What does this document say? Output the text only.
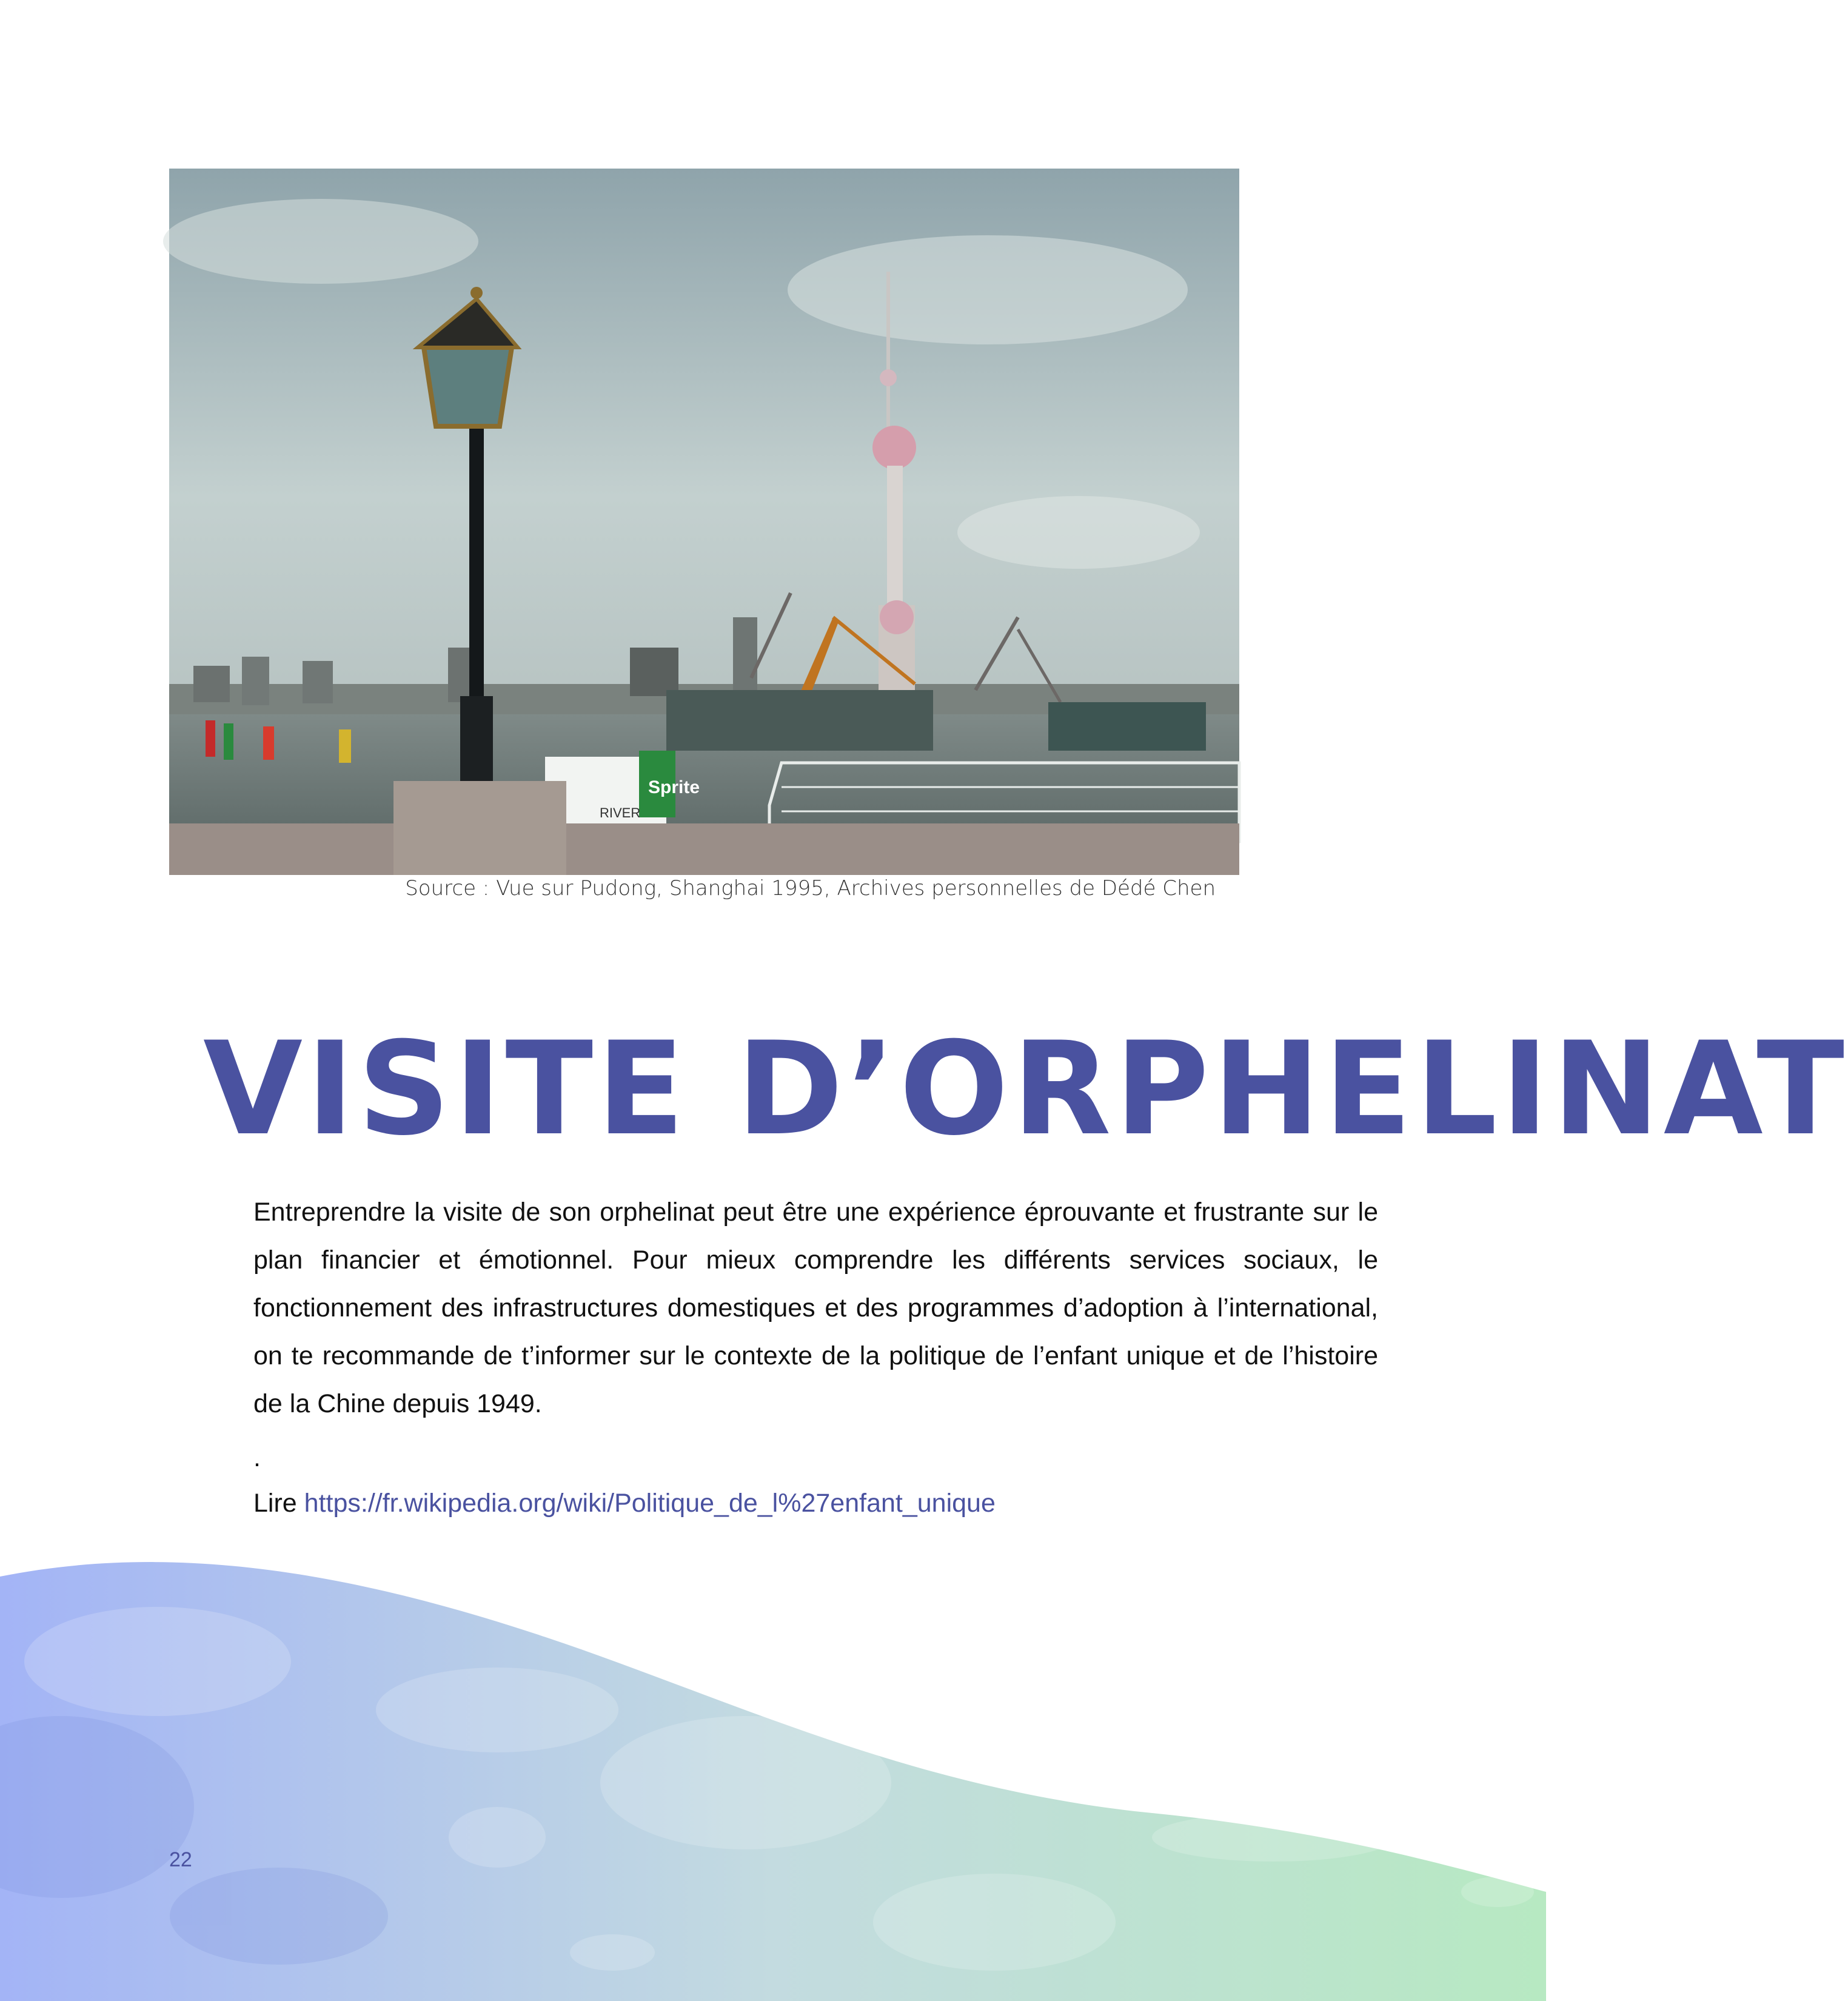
Sprite
RIVER
Source : Vue sur Pudong, Shanghai 1995, Archives personnelles de Dédé Chen
VISITE D’ORPHELINAT

Entreprendre la visite de son orphelinat peut être une expérience éprouvante et frustrante sur le plan financier et émotionnel. Pour mieux comprendre les différents services sociaux, le fonctionnement des infrastructures domestiques et des programmes d’adoption à l’international, on te recommande de t’informer sur le contexte de la politique de l’enfant unique et de l’histoire de la Chine depuis 1949.

.
Lire https://fr.wikipedia.org/wiki/Politique_de_l%27enfant_unique
22
